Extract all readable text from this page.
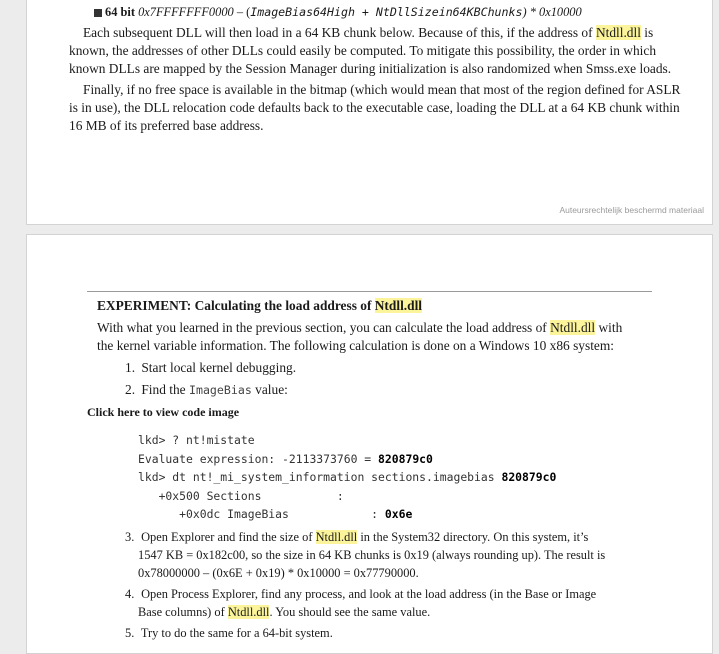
64 bit 0x7FFFFFFF0000 – (ImageBias64High + NtDllSizein64KBChunks) * 0x10000
Each subsequent DLL will then load in a 64 KB chunk below. Because of this, if the address of Ntdll.dll is
known, the addresses of other DLLs could easily be computed. To mitigate this possibility, the order in which
known DLLs are mapped by the Session Manager during initialization is also randomized when Smss.exe loads.
Finally, if no free space is available in the bitmap (which would mean that most of the region defined for ASLR
is in use), the DLL relocation code defaults back to the executable case, loading the DLL at a 64 KB chunk within
16 MB of its preferred base address.
Auteursrechtelijk beschermd materiaal
EXPERIMENT: Calculating the load address of Ntdll.dll
With what you learned in the previous section, you can calculate the load address of Ntdll.dll with
the kernel variable information. The following calculation is done on a Windows 10 x86 system:
1. Start local kernel debugging.
2. Find the ImageBias value:
Click here to view code image
lkd> ? nt!mistate
Evaluate expression: -2113373760 = 820879c0
lkd> dt nt!_mi_system_information sections.imagebias 820879c0
+0x500 Sections           :
+0x0dc ImageBias            : 0x6e
3. Open Explorer and find the size of Ntdll.dll in the System32 directory. On this system, it’s
1547 KB = 0x182c00, so the size in 64 KB chunks is 0x19 (always rounding up). The result is
0x78000000 – (0x6E + 0x19) * 0x10000 = 0x77790000.
4. Open Process Explorer, find any process, and look at the load address (in the Base or Image
Base columns) of Ntdll.dll. You should see the same value.
5. Try to do the same for a 64-bit system.
